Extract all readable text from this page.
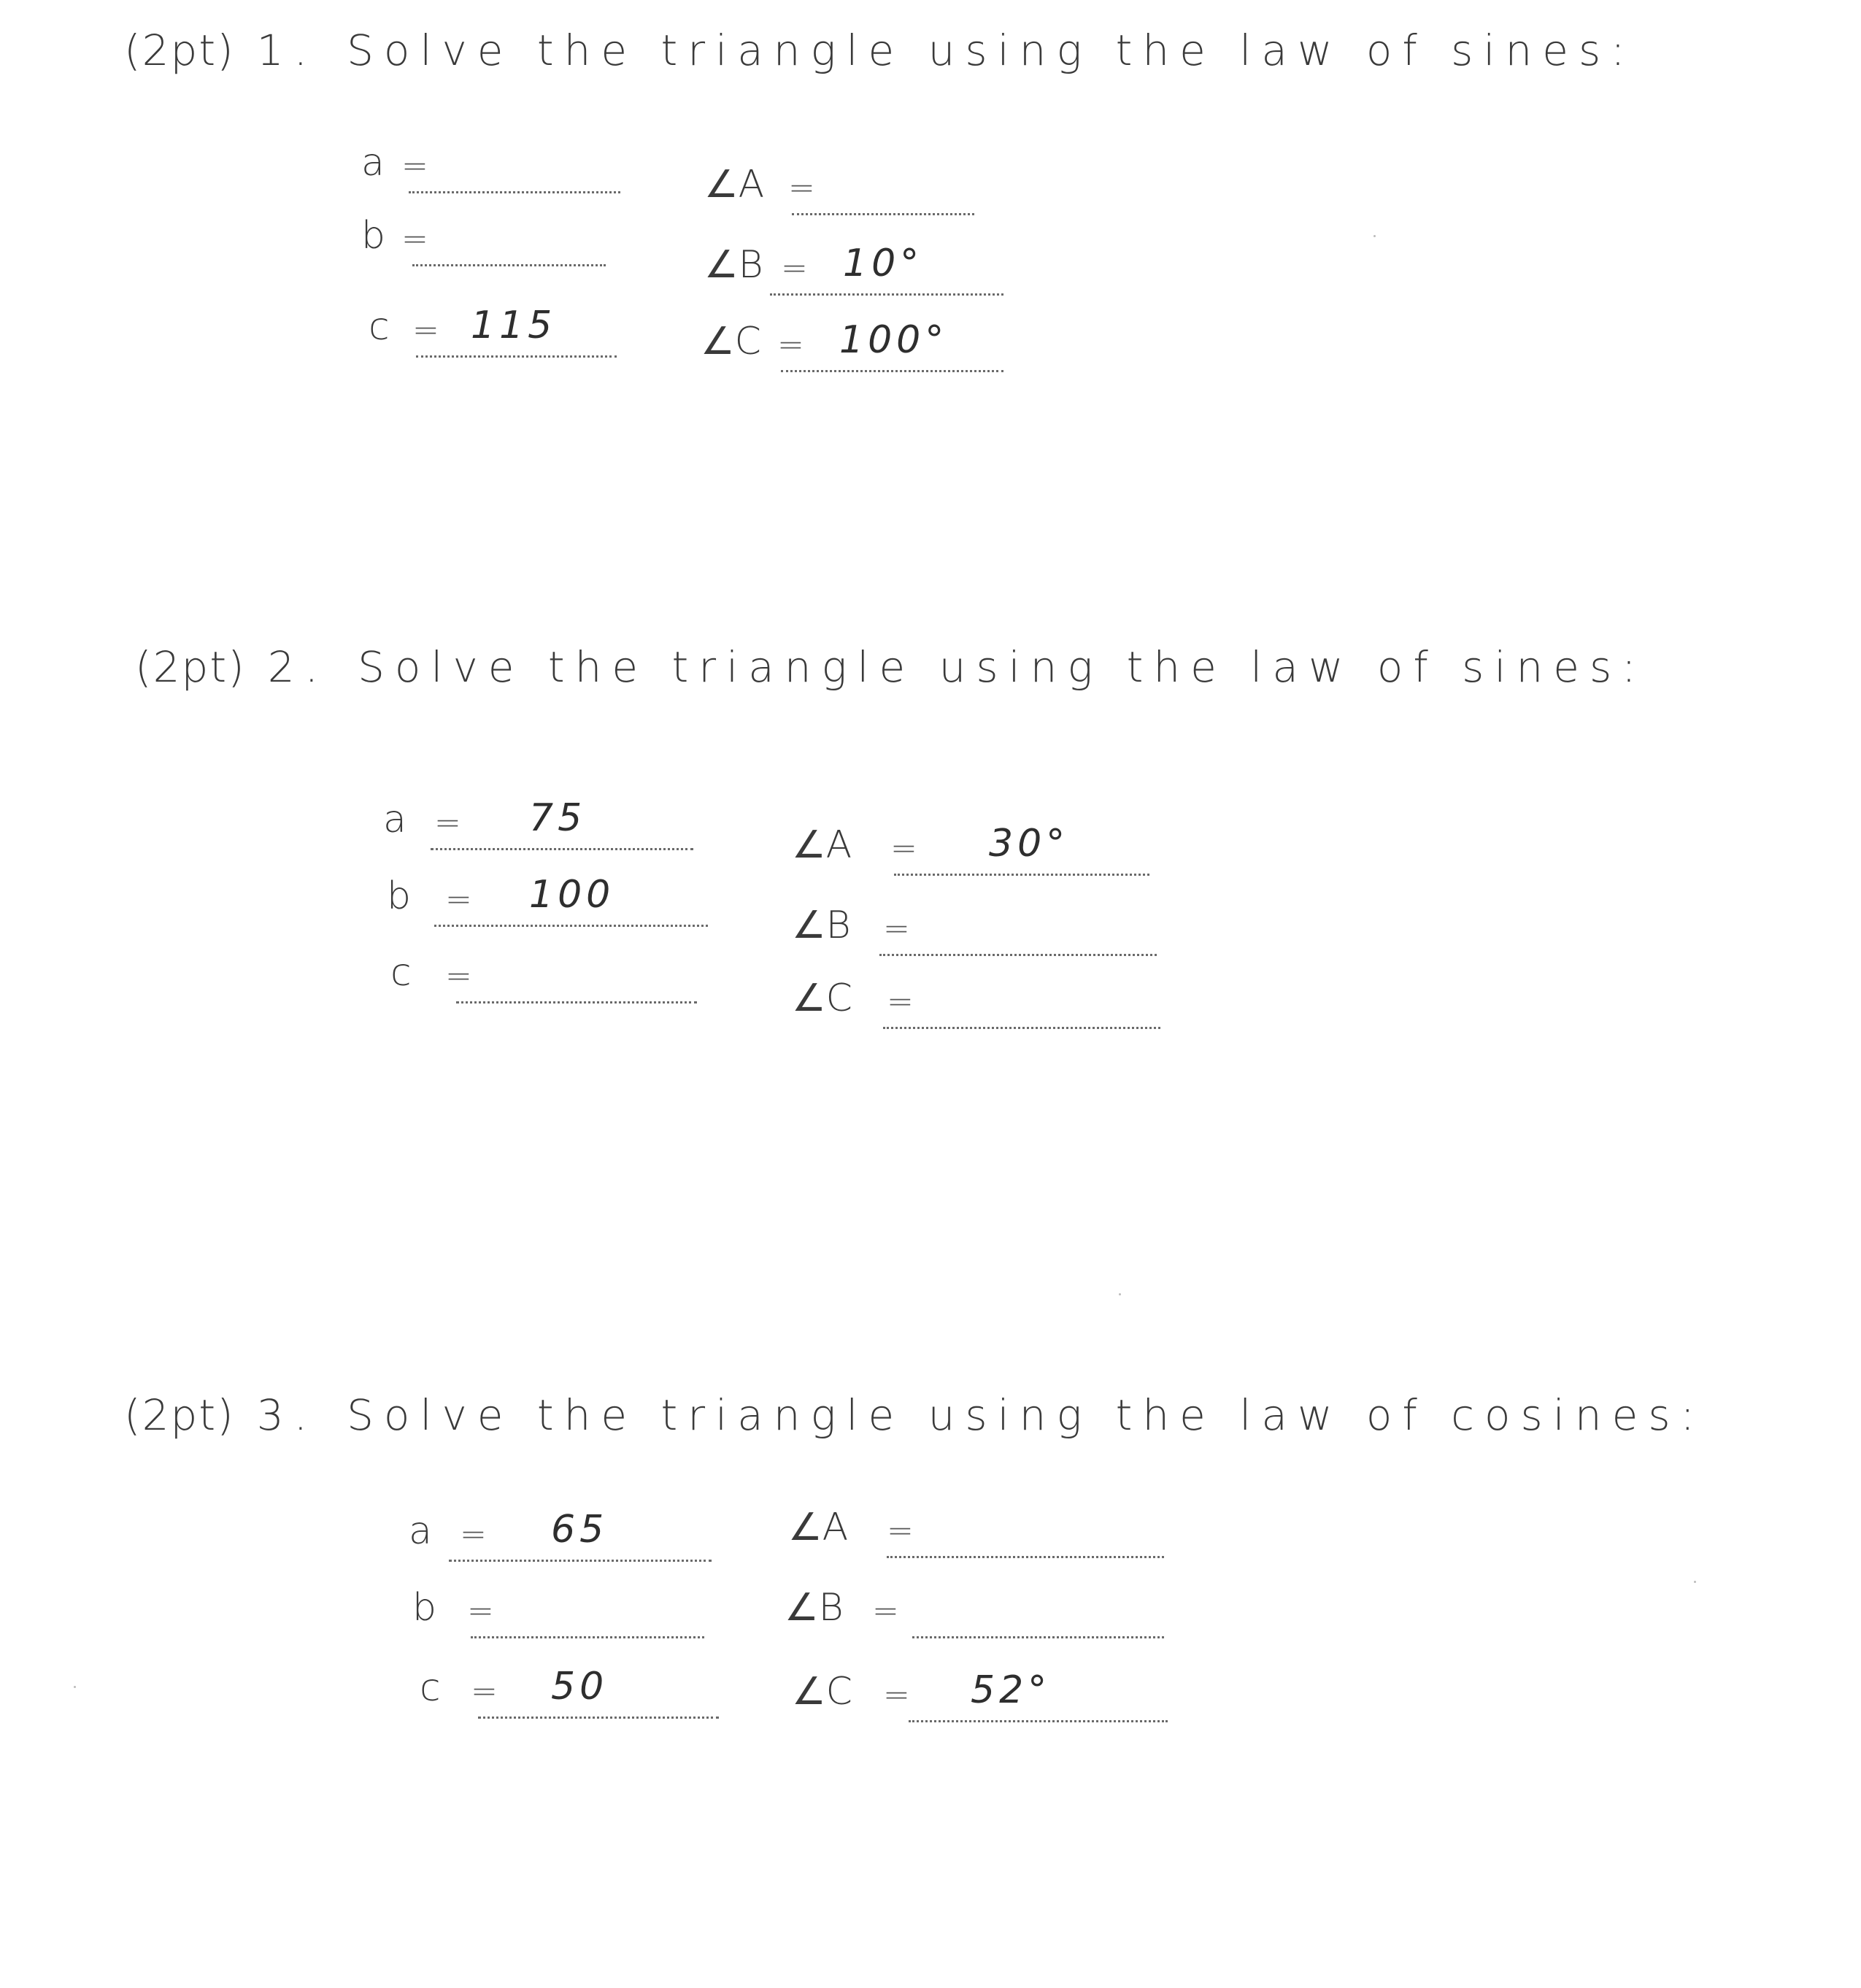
(2pt) 1. Solve the triangle using the law of sines:
a =
b =
c = 115
∠A =
∠B = 10°
∠C = 100°
(2pt) 2. Solve the triangle using the law of sines:
a = 75
b = 100
c =
∠A = 30°
∠B =
∠C =
(2pt) 3. Solve the triangle using the law of cosines:
a = 65
b =
c = 50
∠A =
∠B =
∠C = 52°
